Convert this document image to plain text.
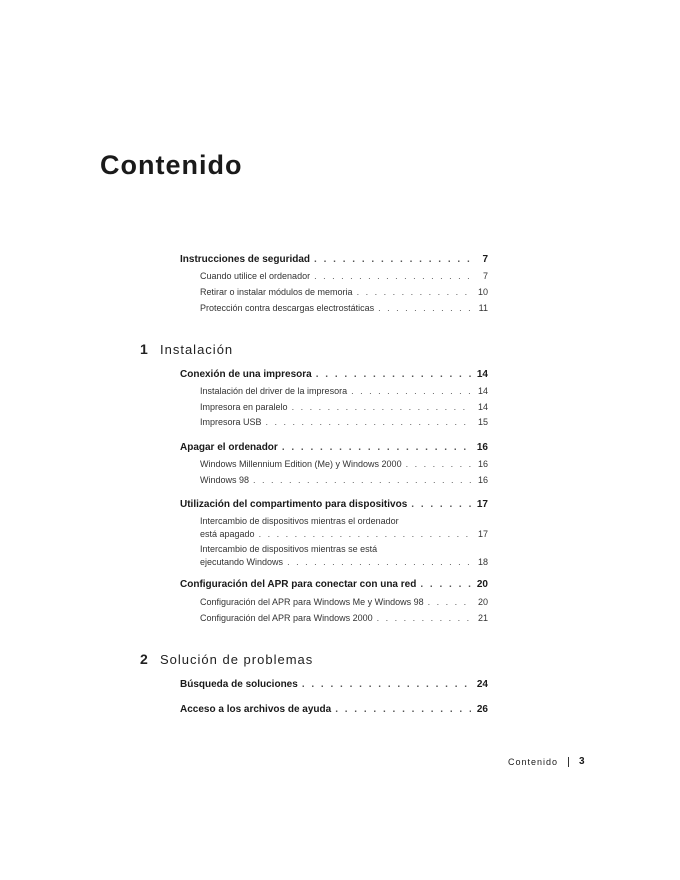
Contenido
Instrucciones de seguridad . . .	7
Cuando utilice el ordenador . . .	7
Retirar o instalar módulos de memoria . . .	10
Protección contra descargas electrostáticas . . .	11
1 Instalación
Conexión de una impresora . . .	14
Instalación del driver de la impresora . . .	14
Impresora en paralelo . . .	14
Impresora USB . . .	15
Apagar el ordenador . . .	16
Windows Millennium Edition (Me) y Windows 2000 . . .	16
Windows 98 . . .	16
Utilización del compartimento para dispositivos . . .	17
Intercambio de dispositivos mientras el ordenador
está apagado . . .	17
Intercambio de dispositivos mientras se está
ejecutando Windows . . .	18
Configuración del APR para conectar con una red . . .	20
Configuración del APR para Windows Me y Windows 98 . . .	20
Configuración del APR para Windows 2000 . . .	21
2 Solución de problemas
Búsqueda de soluciones . . .	24
Acceso a los archivos de ayuda . . .	26
Contenido 3
